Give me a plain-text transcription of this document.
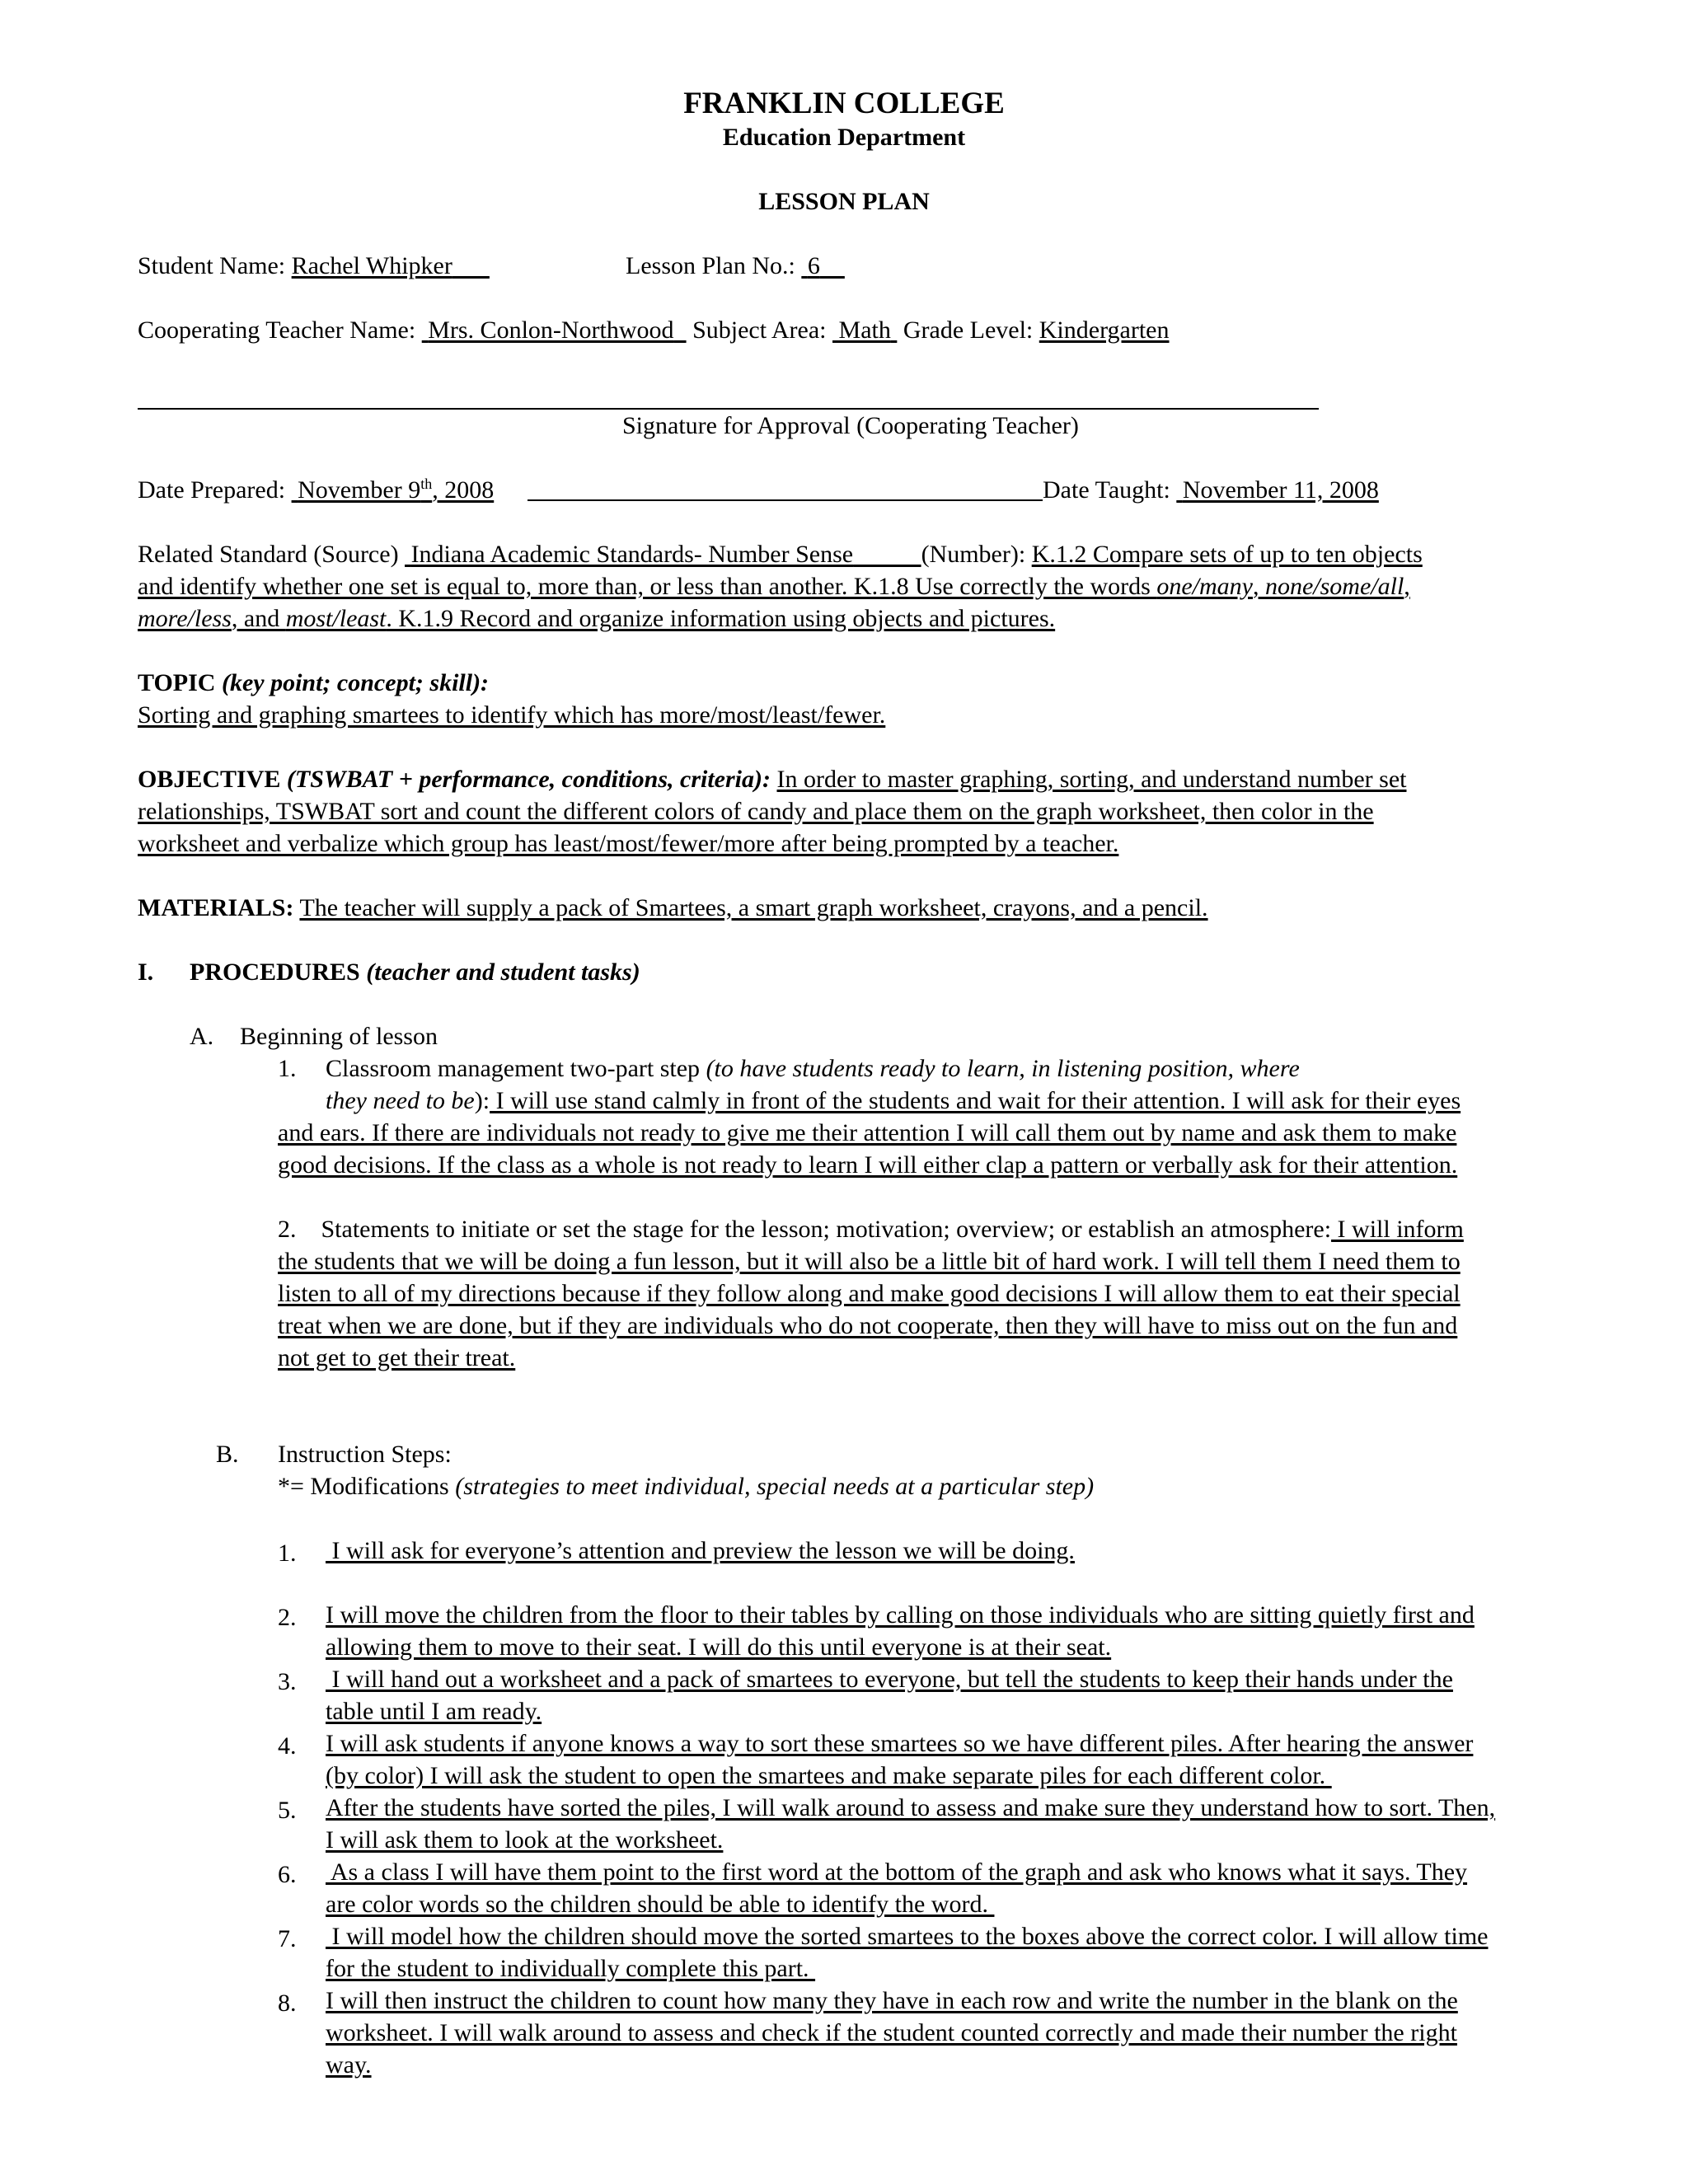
FRANKLIN COLLEGE
Education Department
LESSON PLAN
Student Name: Rachel Whipker	Lesson Plan No.: 6
Cooperating Teacher Name: Mrs. Conlon-Northwood Subject Area: Math Grade Level: Kindergarten
Signature for Approval (Cooperating Teacher)
Date Prepared: November 9th, 2008	Date Taught: November 11, 2008
Related Standard (Source) Indiana Academic Standards- Number Sense	(Number): K.1.2 Compare sets of up to ten objects
and identify whether one set is equal to, more than, or less than another. K.1.8 Use correctly the words one/many, none/some/all,
more/less, and most/least. K.1.9 Record and organize information using objects and pictures.
TOPIC (key point; concept; skill):
Sorting and graphing smartees to identify which has more/most/least/fewer.
OBJECTIVE (TSWBAT + performance, conditions, criteria): In order to master graphing, sorting, and understand number set
relationships, TSWBAT sort and count the different colors of candy and place them on the graph worksheet, then color in the
worksheet and verbalize which group has least/most/fewer/more after being prompted by a teacher.
MATERIALS: The teacher will supply a pack of Smartees, a smart graph worksheet, crayons, and a pencil.
I. PROCEDURES (teacher and student tasks)
A. Beginning of lesson
1. Classroom management two-part step (to have students ready to learn, in listening position, where
they need to be): I will use stand calmly in front of the students and wait for their attention. I will ask for their eyes
and ears. If there are individuals not ready to give me their attention I will call them out by name and ask them to make
good decisions. If the class as a whole is not ready to learn I will either clap a pattern or verbally ask for their attention.
2. Statements to initiate or set the stage for the lesson; motivation; overview; or establish an atmosphere: I will inform
the students that we will be doing a fun lesson, but it will also be a little bit of hard work. I will tell them I need them to
listen to all of my directions because if they follow along and make good decisions I will allow them to eat their special
treat when we are done, but if they are individuals who do not cooperate, then they will have to miss out on the fun and
not get to get their treat.
B. Instruction Steps:
*= Modifications (strategies to meet individual, special needs at a particular step)
1. I will ask for everyone’s attention and preview the lesson we will be doing.
2. I will move the children from the floor to their tables by calling on those individuals who are sitting quietly first and
allowing them to move to their seat. I will do this until everyone is at their seat.
3. I will hand out a worksheet and a pack of smartees to everyone, but tell the students to keep their hands under the
table until I am ready.
4. I will ask students if anyone knows a way to sort these smartees so we have different piles. After hearing the answer
(by color) I will ask the student to open the smartees and make separate piles for each different color.
5. After the students have sorted the piles, I will walk around to assess and make sure they understand how to sort. Then,
I will ask them to look at the worksheet.
6. As a class I will have them point to the first word at the bottom of the graph and ask who knows what it says. They
are color words so the children should be able to identify the word.
7. I will model how the children should move the sorted smartees to the boxes above the correct color. I will allow time
for the student to individually complete this part.
8. I will then instruct the children to count how many they have in each row and write the number in the blank on the
worksheet. I will walk around to assess and check if the student counted correctly and made their number the right
way.
